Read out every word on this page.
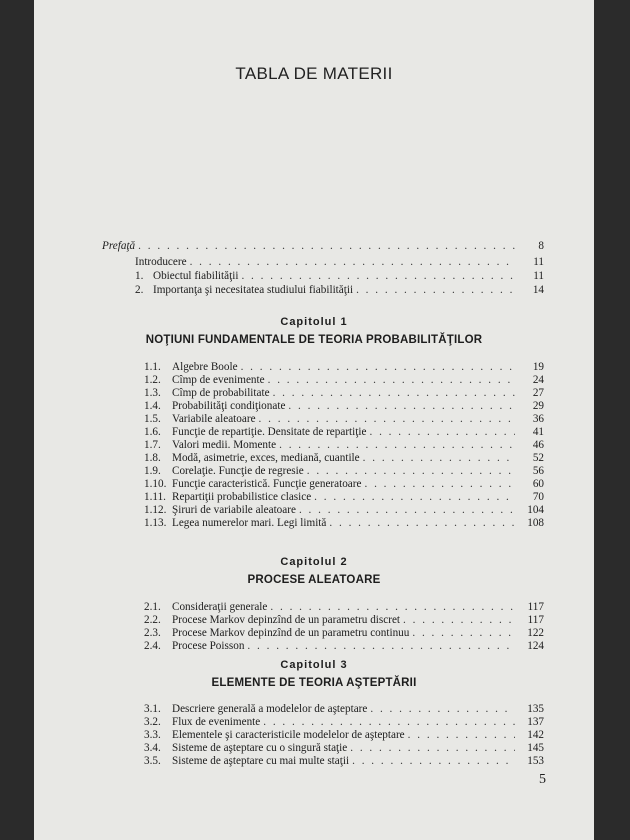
TABLA DE MATERII
Prefaţă . . .	8
Introducere . . .	11
1. Obiectul fiabilităţii . . .	11
2. Importanţa şi necesitatea studiului fiabilităţii . . .	14
Capitolul 1
NOŢIUNI FUNDAMENTALE DE TEORIA PROBABILITĂŢILOR
1.1.	Algebre Boole . . .	19
1.2.	Cîmp de evenimente . . .	24
1.3.	Cîmp de probabilitate . . .	27
1.4.	Probabilităţi condiţionate . . .	29
1.5.	Variabile aleatoare . . .	36
1.6.	Funcţie de repartiţie. Densitate de repartiţie . . .	41
1.7.	Valori medii. Momente . . .	46
1.8.	Modă, asimetrie, exces, mediană, cuantile . . .	52
1.9.	Corelaţie. Funcţie de regresie . . .	56
1.10. Funcţie caracteristică. Funcţie generatoare . . .	60
1.11. Repartiţii probabilistice clasice . . .	70
1.12. Şiruri de variabile aleatoare . . .	104
1.13. Legea numerelor mari. Legi limită . . .	108
Capitolul 2
PROCESE ALEATOARE
2.1.	Consideraţii generale . . .	117
2.2.	Procese Markov depinzînd de un parametru discret . . .	117
2.3.	Procese Markov depinzînd de un parametru continuu . . .	122
2.4.	Procese Poisson . . .	124
Capitolul 3
ELEMENTE DE TEORIA AŞTEPTĂRII
3.1.	Descriere generală a modelelor de aşteptare . . .	135
3.2.	Flux de evenimente . . .	137
3.3.	Elementele şi caracteristicile modelelor de aşteptare . . .	142
3.4.	Sisteme de aşteptare cu o singură staţie . . .	145
3.5.	Sisteme de aşteptare cu mai multe staţii . . .	153
5
